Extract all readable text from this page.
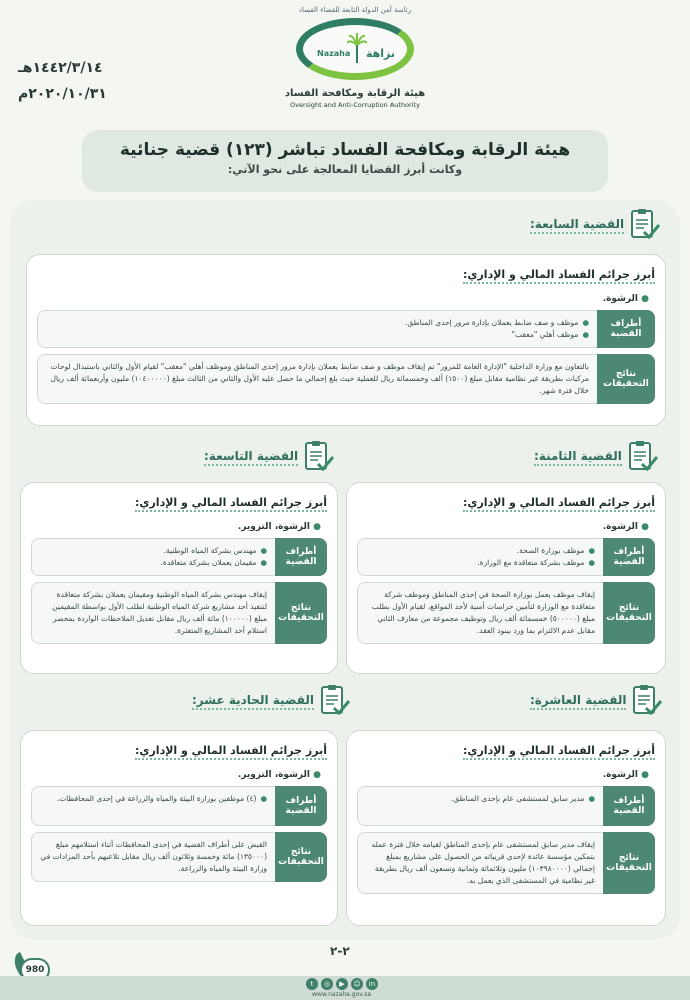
١٤٤٢/٣/١٤هـ
٢٠٢٠/١٠/٣١م
رئاسة أمن الدولة التابعة للقضاء الفساد
Nazaha نزاهة
هيئة الرقابة ومكافحة الفساد
Oversight and Anti-Corruption Authority
هيئة الرقابة ومكافحة الفساد تباشر (١٢٣) قضية جنائية
وكانت أبرز القضايا المعالجة على نحو الآتي:
القضية السابعة:
أبرز جرائم الفساد المالي و الإداري:
● الرشوة.
أطراف القضية
●
موظف و صف ضابط يعملان بإدارة مرور إحدى المناطق.
●
موظف أهلي "معقب"
نتائج التحقيقات
بالتعاون مع وزارة الداخلية "الإدارة العامة للمرور" تم إيقاف موظف و صف ضابط يعملان بإدارة مرور إحدى المناطق وموظف أهلي "معقب" لقيام الأول والثاني باستبدال لوحات مركبات بطريقة غير نظامية مقابل مبلغ (١٥٠٠) ألف وخمسمائة ريال للعملية حيث بلغ إجمالي ما حصل عليه الأول والثاني من الثالث مبلغ (١٠٤٠٠٠٠٠) مليون وأربعمائة ألف ريال خلال فترة شهر.
القضية الثامنة:
أبرز جرائم الفساد المالي و الإداري:
● الرشوة.
أطراف القضية
●
موظف بوزارة الصحة.
●
موظف بشركة متعاقدة مع الوزارة.
نتائج التحقيقات
إيقاف موظف يعمل بوزارة الصحة في إحدى المناطق وموظف شركة متعاقدة مع الوزارة لتأمين حراسات أمنية لأحد المواقع، لقيام الأول بطلب مبلغ (٥٠٠٠٠٠) خمسمائة ألف ريال وتوظيف مجموعة من معارف الثاني مقابل عدم الالتزام بما ورد ببنود العقد.
القضية التاسعة:
أبرز جرائم الفساد المالي و الإداري:
● الرشوة، التزوير.
أطراف القضية
●
مهندس بشركة المياه الوطنية.
●
مقيمان يعملان بشركة متعاقدة.
نتائج التحقيقات
إيقاف مهندس بشركة المياه الوطنية ومقيمان يعملان بشركة متعاقدة لتنفيذ أحد مشاريع شركة المياه الوطنية لطلب الأول بواسطة المقيمين مبلغ (١٠٠٠٠٠) مائة ألف ريال مقابل تعديل الملاحظات الواردة بمحضر استلام أحد المشاريع المتعثرة.
القضية العاشرة:
أبرز جرائم الفساد المالي و الإداري:
● الرشوة.
أطراف القضية
●
مدير سابق لمستشفى عام بإحدى المناطق.
نتائج التحقيقات
إيقاف مدير سابق لمستشفى عام بإحدى المناطق لقيامه خلال فترة عمله بتمكين مؤسسة عائدة لإحدى قريباته من الحصول على مشاريع بمبلغ إجمالي (١٠٣٩٨٠٠٠٠) مليون وثلاثمائة وثمانية وتسعون ألف ريال بطريقة غير نظامية في المستشفى الذي يعمل به.
القضية الحادية عشر:
أبرز جرائم الفساد المالي و الإداري:
● الرشوة، التزوير.
أطراف القضية
●
(٤) موظفين بوزارة البيئة والمياه والزراعة في إحدى المحافظات.
نتائج التحقيقات
القبض على أطراف القضية في إحدى المحافظات أثناء استلامهم مبلغ (١٣٥٠٠٠) مائة وخمسة وثلاثون ألف ريال مقابل تلاعبهم بأحد المزادات في وزارة البيئة والمياه والزراعة.
٢-٢
980
t	◎	▶	☺	in
www.nazaha.gov.sa
